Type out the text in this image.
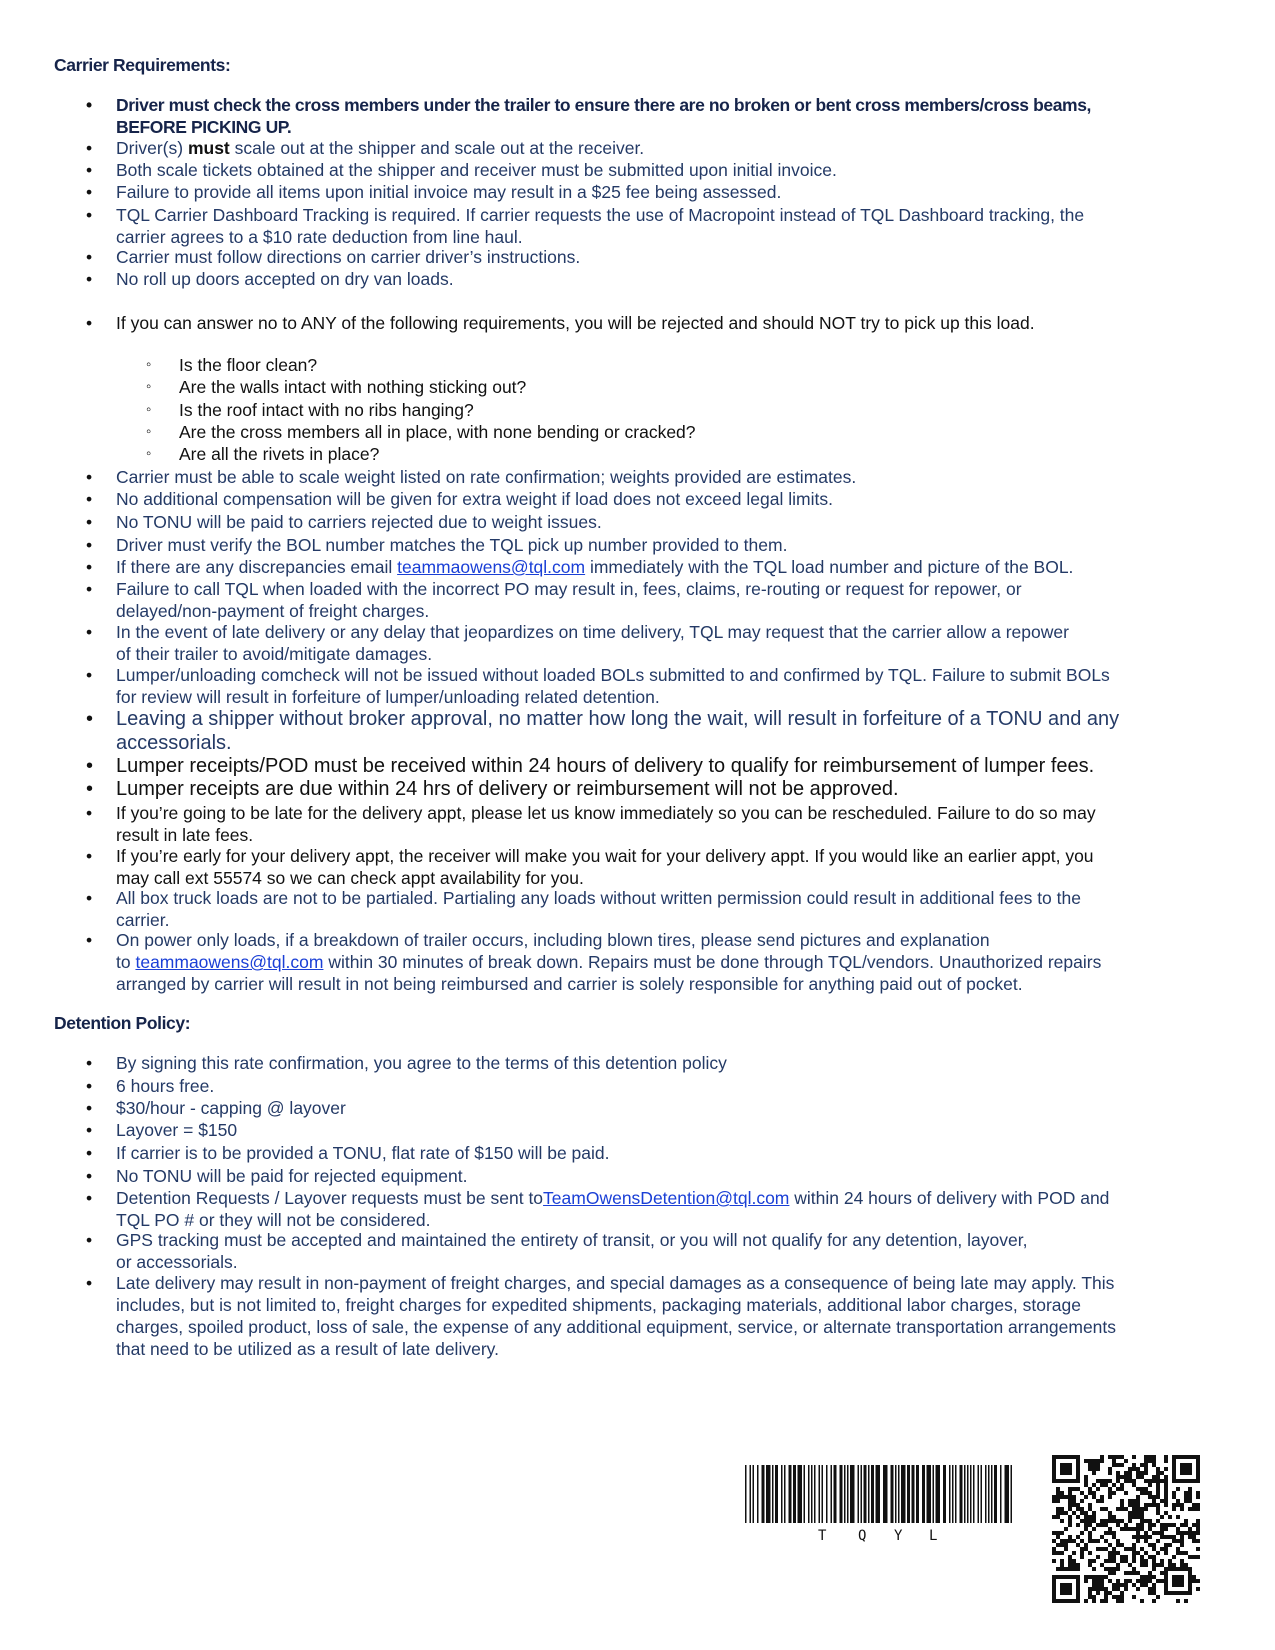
Carrier Requirements:
• Driver must check the cross members under the trailer to ensure there are no broken or bent cross members/cross beams,
BEFORE PICKING UP.
• Driver(s) must scale out at the shipper and scale out at the receiver.
• Both scale tickets obtained at the shipper and receiver must be submitted upon initial invoice.
• Failure to provide all items upon initial invoice may result in a $25 fee being assessed.
• TQL Carrier Dashboard Tracking is required. If carrier requests the use of Macropoint instead of TQL Dashboard tracking, the
carrier agrees to a $10 rate deduction from line haul.
• Carrier must follow directions on carrier driver’s instructions.
• No roll up doors accepted on dry van loads.
• If you can answer no to ANY of the following requirements, you will be rejected and should NOT try to pick up this load.
◦ Is the floor clean?
◦ Are the walls intact with nothing sticking out?
◦ Is the roof intact with no ribs hanging?
◦ Are the cross members all in place, with none bending or cracked?
◦ Are all the rivets in place?
• Carrier must be able to scale weight listed on rate confirmation; weights provided are estimates.
• No additional compensation will be given for extra weight if load does not exceed legal limits.
• No TONU will be paid to carriers rejected due to weight issues.
• Driver must verify the BOL number matches the TQL pick up number provided to them.
• If there are any discrepancies email teammaowens@tql.com immediately with the TQL load number and picture of the BOL.
• Failure to call TQL when loaded with the incorrect PO may result in, fees, claims, re-routing or request for repower, or
delayed/non-payment of freight charges.
• In the event of late delivery or any delay that jeopardizes on time delivery, TQL may request that the carrier allow a repower
of their trailer to avoid/mitigate damages.
• Lumper/unloading comcheck will not be issued without loaded BOLs submitted to and confirmed by TQL. Failure to submit BOLs
for review will result in forfeiture of lumper/unloading related detention.
• Leaving a shipper without broker approval, no matter how long the wait, will result in forfeiture of a TONU and any
accessorials.
• Lumper receipts/POD must be received within 24 hours of delivery to qualify for reimbursement of lumper fees.
• Lumper receipts are due within 24 hrs of delivery or reimbursement will not be approved.
• If you’re going to be late for the delivery appt, please let us know immediately so you can be rescheduled. Failure to do so may
result in late fees.
• If you’re early for your delivery appt, the receiver will make you wait for your delivery appt. If you would like an earlier appt, you
may call ext 55574 so we can check appt availability for you.
• All box truck loads are not to be partialed. Partialing any loads without written permission could result in additional fees to the
carrier.
• On power only loads, if a breakdown of trailer occurs, including blown tires, please send pictures and explanation
to teammaowens@tql.com within 30 minutes of break down. Repairs must be done through TQL/vendors. Unauthorized repairs
arranged by carrier will result in not being reimbursed and carrier is solely responsible for anything paid out of pocket.
Detention Policy:
• By signing this rate confirmation, you agree to the terms of this detention policy
• 6 hours free.
• $30/hour - capping @ layover
• Layover = $150
• If carrier is to be provided a TONU, flat rate of $150 will be paid.
• No TONU will be paid for rejected equipment.
• Detention Requests / Layover requests must be sent toTeamOwensDetention@tql.com within 24 hours of delivery with POD and
TQL PO # or they will not be considered.
• GPS tracking must be accepted and maintained the entirety of transit, or you will not qualify for any detention, layover,
or accessorials.
• Late delivery may result in non-payment of freight charges, and special damages as a consequence of being late may apply. This
includes, but is not limited to, freight charges for expedited shipments, packaging materials, additional labor charges, storage
charges, spoiled product, loss of sale, the expense of any additional equipment, service, or alternate transportation arrangements
that need to be utilized as a result of late delivery.
T Q Y L
